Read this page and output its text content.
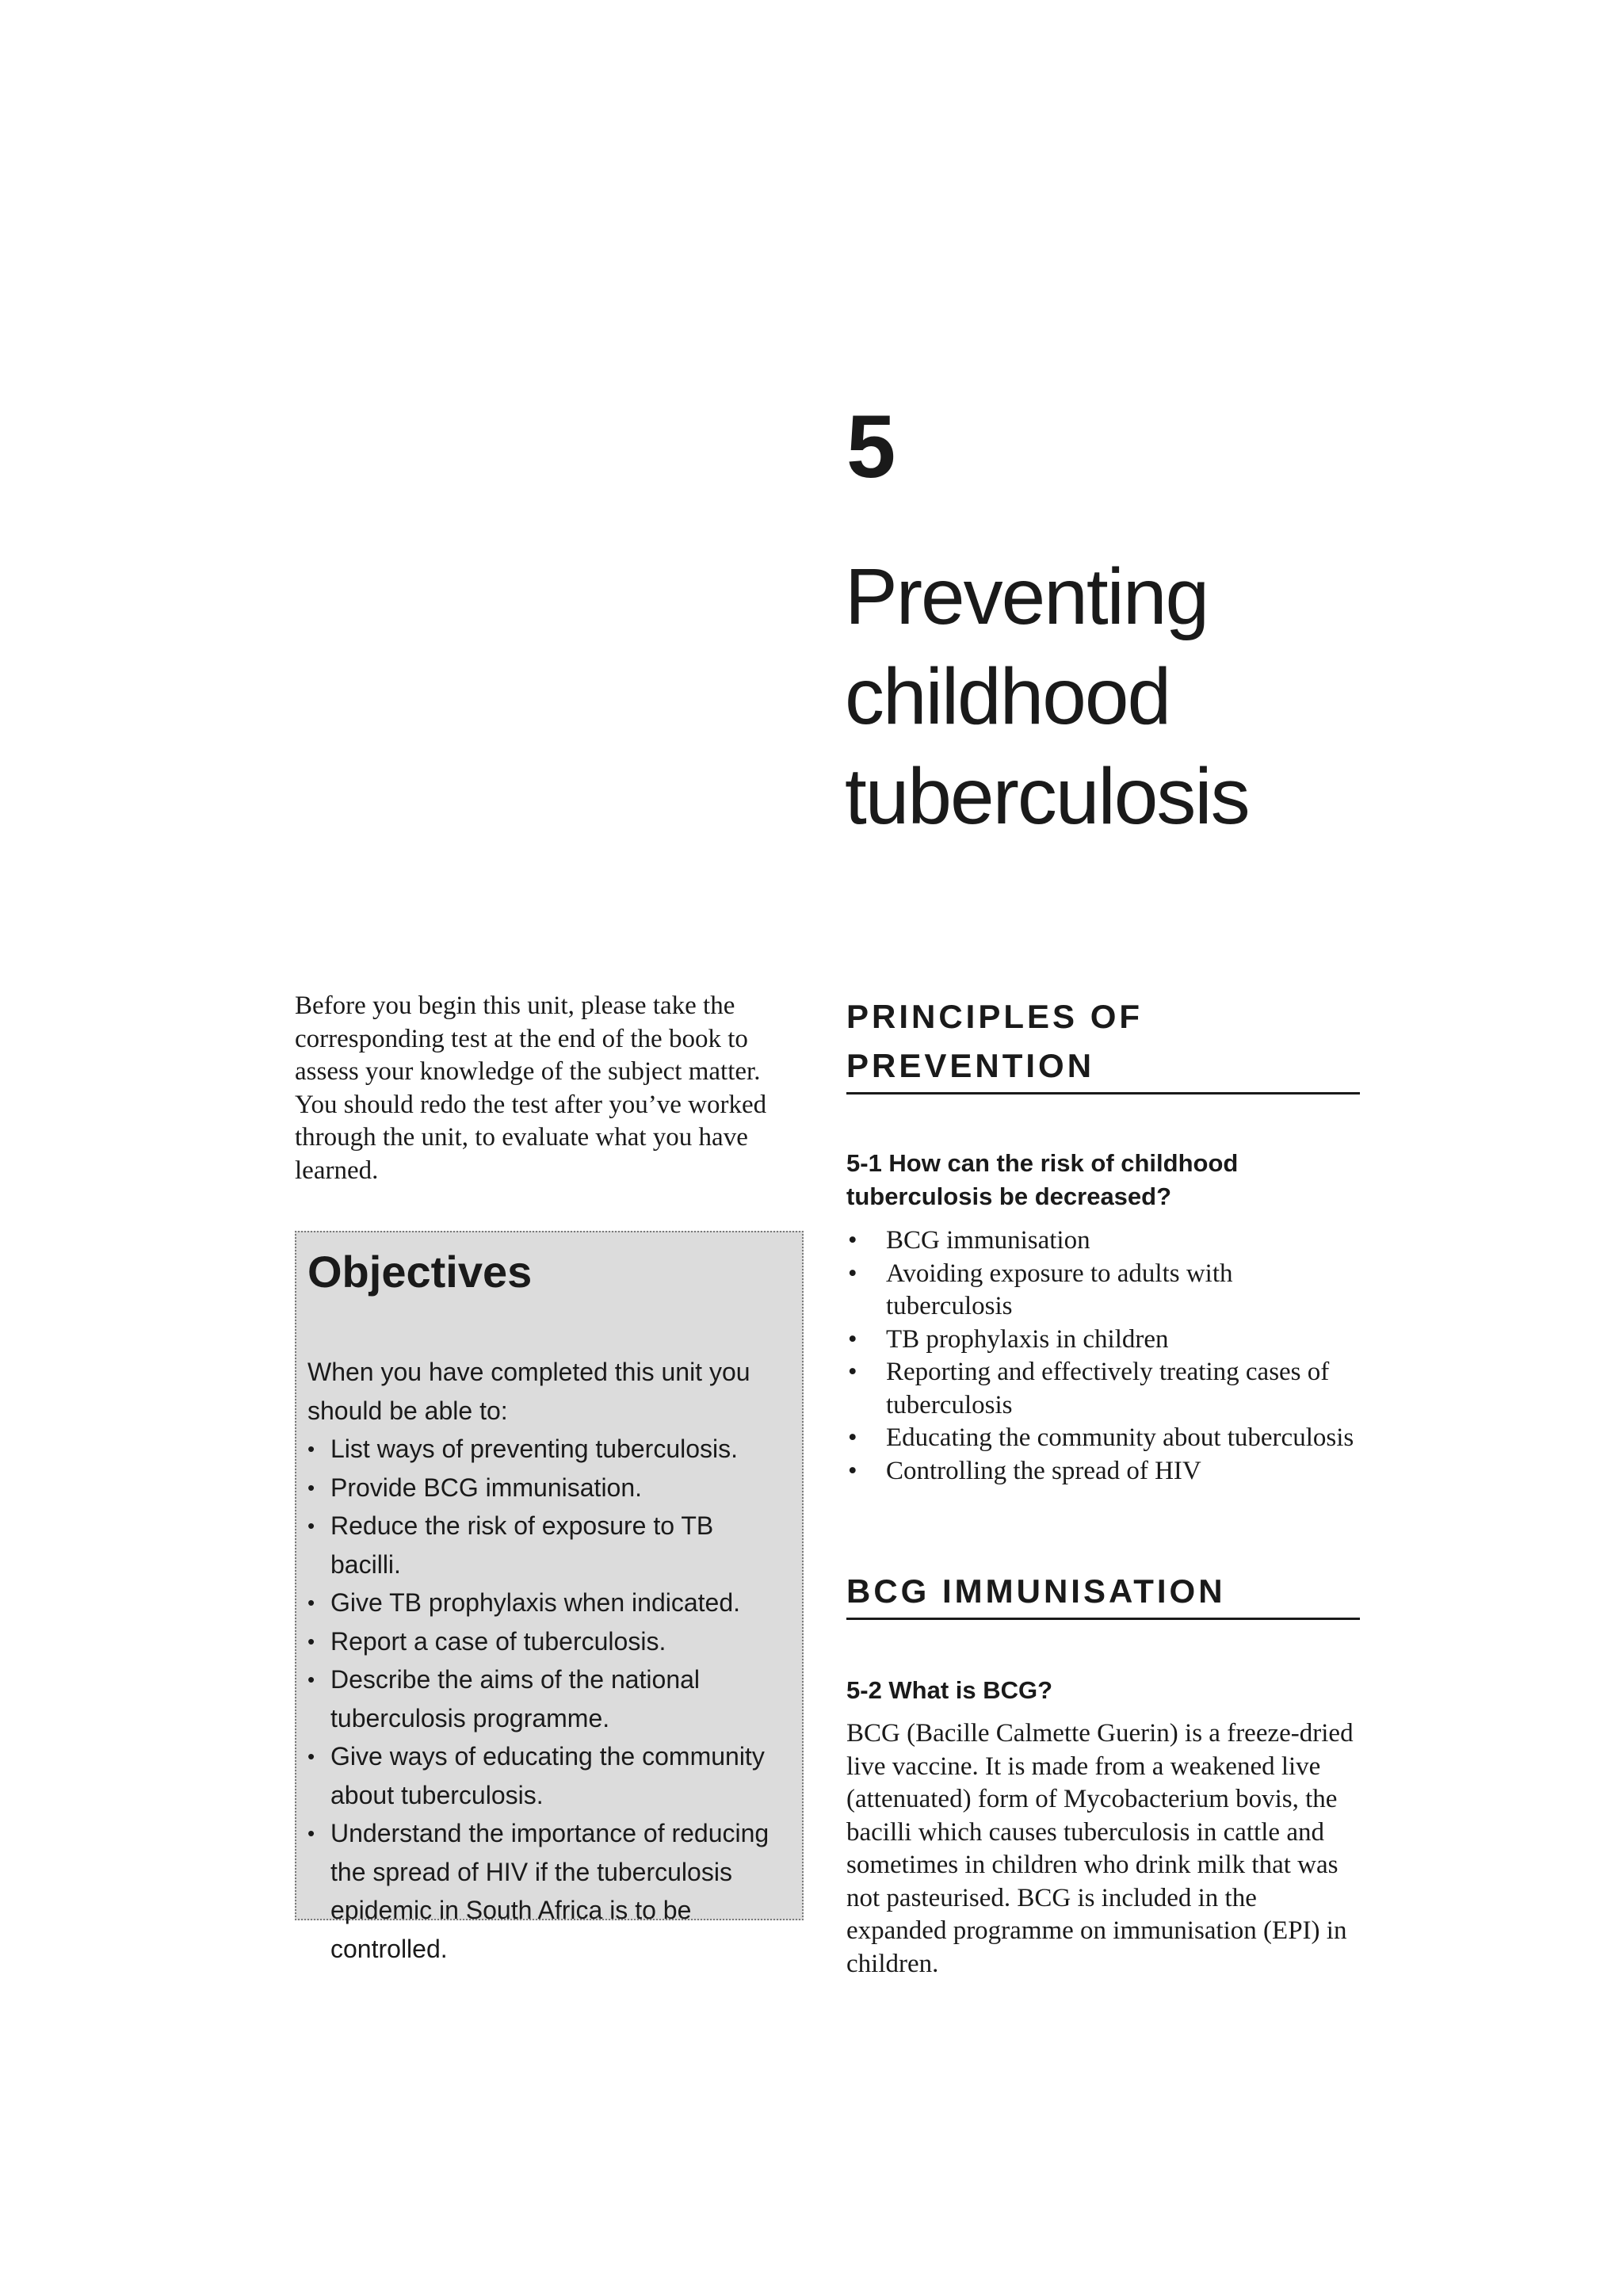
5
Preventing
childhood
tuberculosis

Before you begin this unit, please take the corresponding test at the end of the book to assess your knowledge of the subject matter. You should redo the test after you’ve worked through the unit, to evaluate what you have learned.

Objectives

When you have completed this unit you should be able to:

• List ways of preventing tuberculosis.
• Provide BCG immunisation.
• Reduce the risk of exposure to TB bacilli.
• Give TB prophylaxis when indicated.
• Report a case of tuberculosis.
• Describe the aims of the national tuberculosis programme.
• Give ways of educating the community about tuberculosis.
• Understand the importance of reducing the spread of HIV if the tuberculosis epidemic in South Africa is to be controlled.
PRINCIPLES OF PREVENTION
5-1 How can the risk of childhood tuberculosis be decreased?
• BCG immunisation
• Avoiding exposure to adults with tuberculosis
• TB prophylaxis in children
• Reporting and effectively treating cases of tuberculosis
• Educating the community about tuberculosis
• Controlling the spread of HIV
BCG IMMUNISATION
5-2 What is BCG?

BCG (Bacille Calmette Guerin) is a freeze-dried live vaccine. It is made from a weakened live (attenuated) form of Mycobacterium bovis, the bacilli which causes tuberculosis in cattle and sometimes in children who drink milk that was not pasteurised. BCG is included in the expanded programme on immunisation (EPI) in children.
